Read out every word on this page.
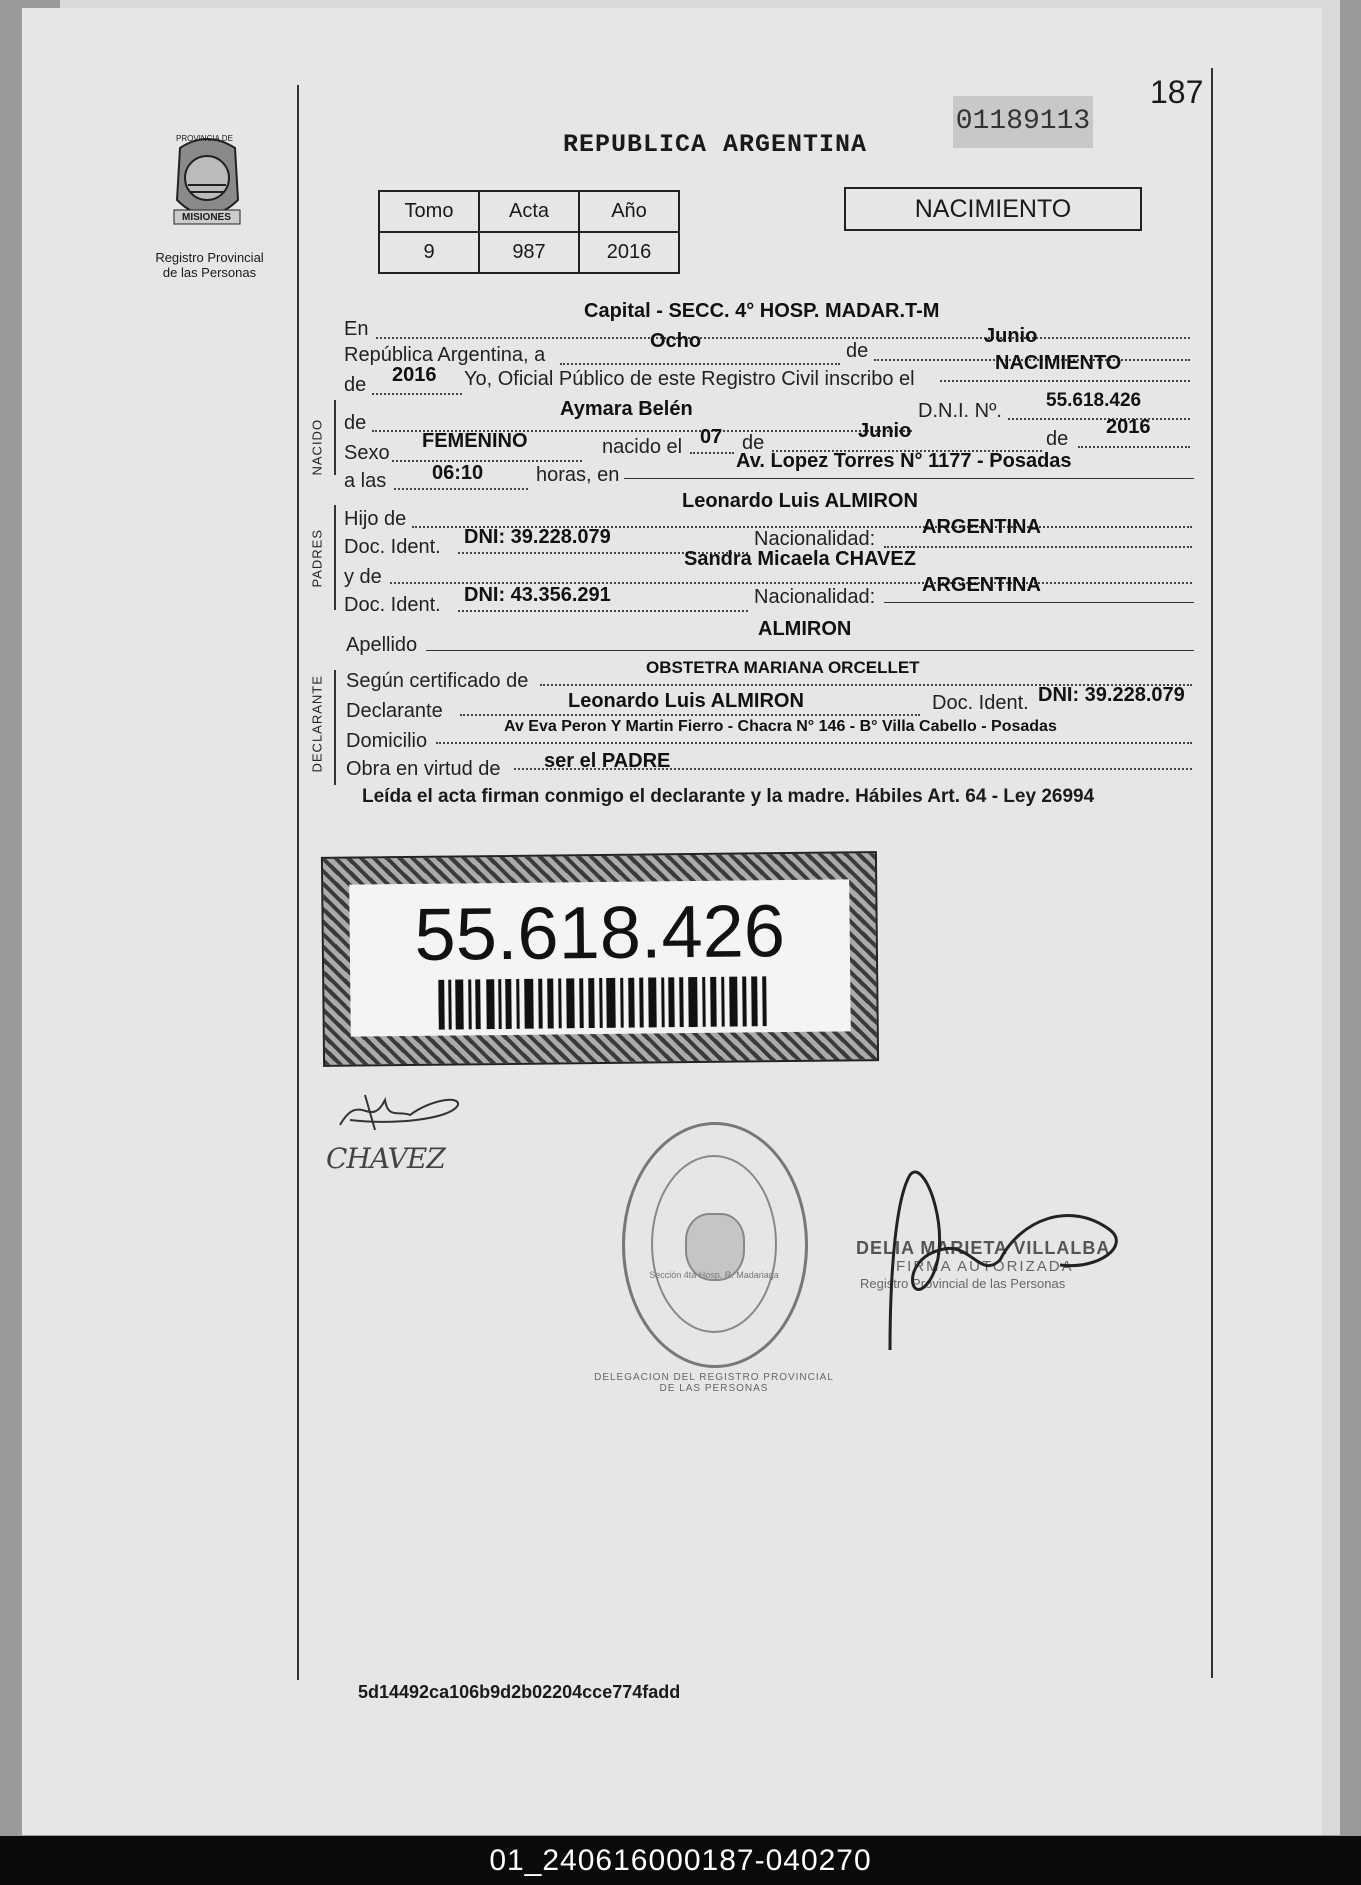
PROVINCIA DE
MISIONES
Registro Provincial
de las Personas
187
REPUBLICA ARGENTINA
01189113
Tomo	Acta	Año
9	987	2016
NACIMIENTO
NACIDO
PADRES
DECLARANTE
En
Capital - SECC. 4° HOSP. MADAR.T-M
República Argentina, a
Ocho	de
Junio
de 2016 Yo, Oficial Público de este Registro Civil inscribo el
NACIMIENTO
de
Aymara Belén	D.N.I. Nº. 55.618.426
Sexo
FEMENINO	nacido el 07 de
Junio	de
2016
a las 06:10	horas, en
Av. Lopez Torres N° 1177 - Posadas
Hijo de
Leonardo Luis ALMIRON
Doc. Ident. DNI: 39.228.079	Nacionalidad:
ARGENTINA
y de
Sandra Micaela CHAVEZ
Doc. Ident. DNI: 43.356.291	Nacionalidad:
ARGENTINA
Apellido
ALMIRON
Según certificado de
OBSTETRA MARIANA ORCELLET
Declarante	Leonardo Luis ALMIRON	Doc. Ident. DNI: 39.228.079
Domicilio
Av Eva Peron Y Martin Fierro - Chacra N° 146 - B° Villa Cabello - Posadas
Obra en virtud de ser el PADRE
Leída el acta firman conmigo el declarante y la madre. Hábiles Art. 64 - Ley 26994
55.618.426
CHAVEZ
DELEGACION DEL REGISTRO PROVINCIAL DE LAS PERSONAS
Sección 4ta Hosp. R. Madariaga
DELIA MARIETA VILLALBA
FIRMA AUTORIZADA
Registro Provincial de las Personas
5d14492ca106b9d2b02204cce774fadd
01_240616000187-040270
